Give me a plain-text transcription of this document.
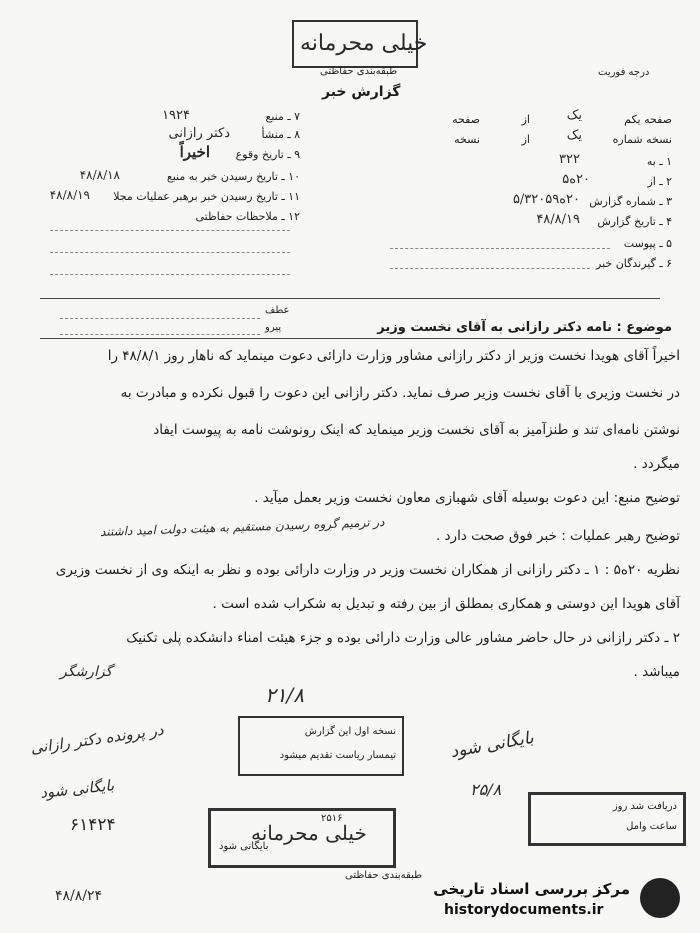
خیلی محرمانه
طبقه‌بندی حفاظتی	درجه فوریت
گزارش خبر
۷ ـ منبع
۱۹۲۴
۸ ـ منشأ
دکتر رازانی
۹ ـ تاریخ وقوع
اخیراً
۱۰ ـ تاریخ رسیدن خبر به منبع
۴۸/۸/۱۸
۱۱ ـ تاریخ رسیدن خبر برهبر عملیات مجلا
۴۸/۸/۱۹
۱۲ ـ ملاحظات حفاظتی
صفحه یکم
یک
از
صفحه
نسخه شماره
یک
از
نسخه
۱ ـ به
۳۲۲
۲ ـ از
۲۰ه۵
۳ ـ شماره گزارش
۲۰ه۵/۳۲۰۵۹
۴ ـ تاریخ گزارش
۴۸/۸/۱۹
۵ ـ پیوست
۶ ـ گیرندگان خبر
عطف
پیرو	موضوع : نامه دکتر رازانی به آقای نخست وزیر
اخیراً آقای هویدا نخست وزیر از دکتر رازانی مشاور وزارت دارائی دعوت مینماید که ناهار روز ۴۸/۸/۱ را
در نخست وزیری با آقای نخست وزیر صرف نماید. دکتر رازانی این دعوت را قبول نکرده و مبادرت به
نوشتن نامه‌ای تند و طنزآمیز به آقای نخست وزیر مینماید که اینک رونوشت نامه به پیوست ایفاد
میگردد .
توضیح منبع: این دعوت بوسیله آقای شهبازی معاون نخست وزیر بعمل میآید .
توضیح رهبر عملیات : خبر فوق صحت دارد .
نظریه ۲۰ه۵ : ۱ ـ دکتر رازانی از همکاران نخست وزیر در وزارت دارائی بوده و نظر به اینکه وی از نخست وزیری
آقای هویدا این دوستی و همکاری بمطلق از بین رفته و تبدیل به شکراب شده است .
۲ ـ دکتر رازانی در حال حاضر مشاور عالی وزارت دارائی بوده و جزء هیئت امناء دانشکده پلی تکنیک
میباشد .
در ترمیم گروه رسیدن مستقیم به هیئت دولت امید داشتند
گزارشگر
۲۱/۸
در پرونده دکتر رازانی
بایگانی شود
۶۱۴۲۴
۴۸/۸/۲۴
بایگانی شود
۲۵/۸
نسخه اول این گزارش
تیمسار ریاست تقدیم میشود
دریافت شد روز
ساعت وامل
خیلی محرمانه
۲۵۱۶
بایگانی شود
طبقه‌بندی حفاظتی
مرکز بررسی اسناد تاریخی
historydocuments.ir
